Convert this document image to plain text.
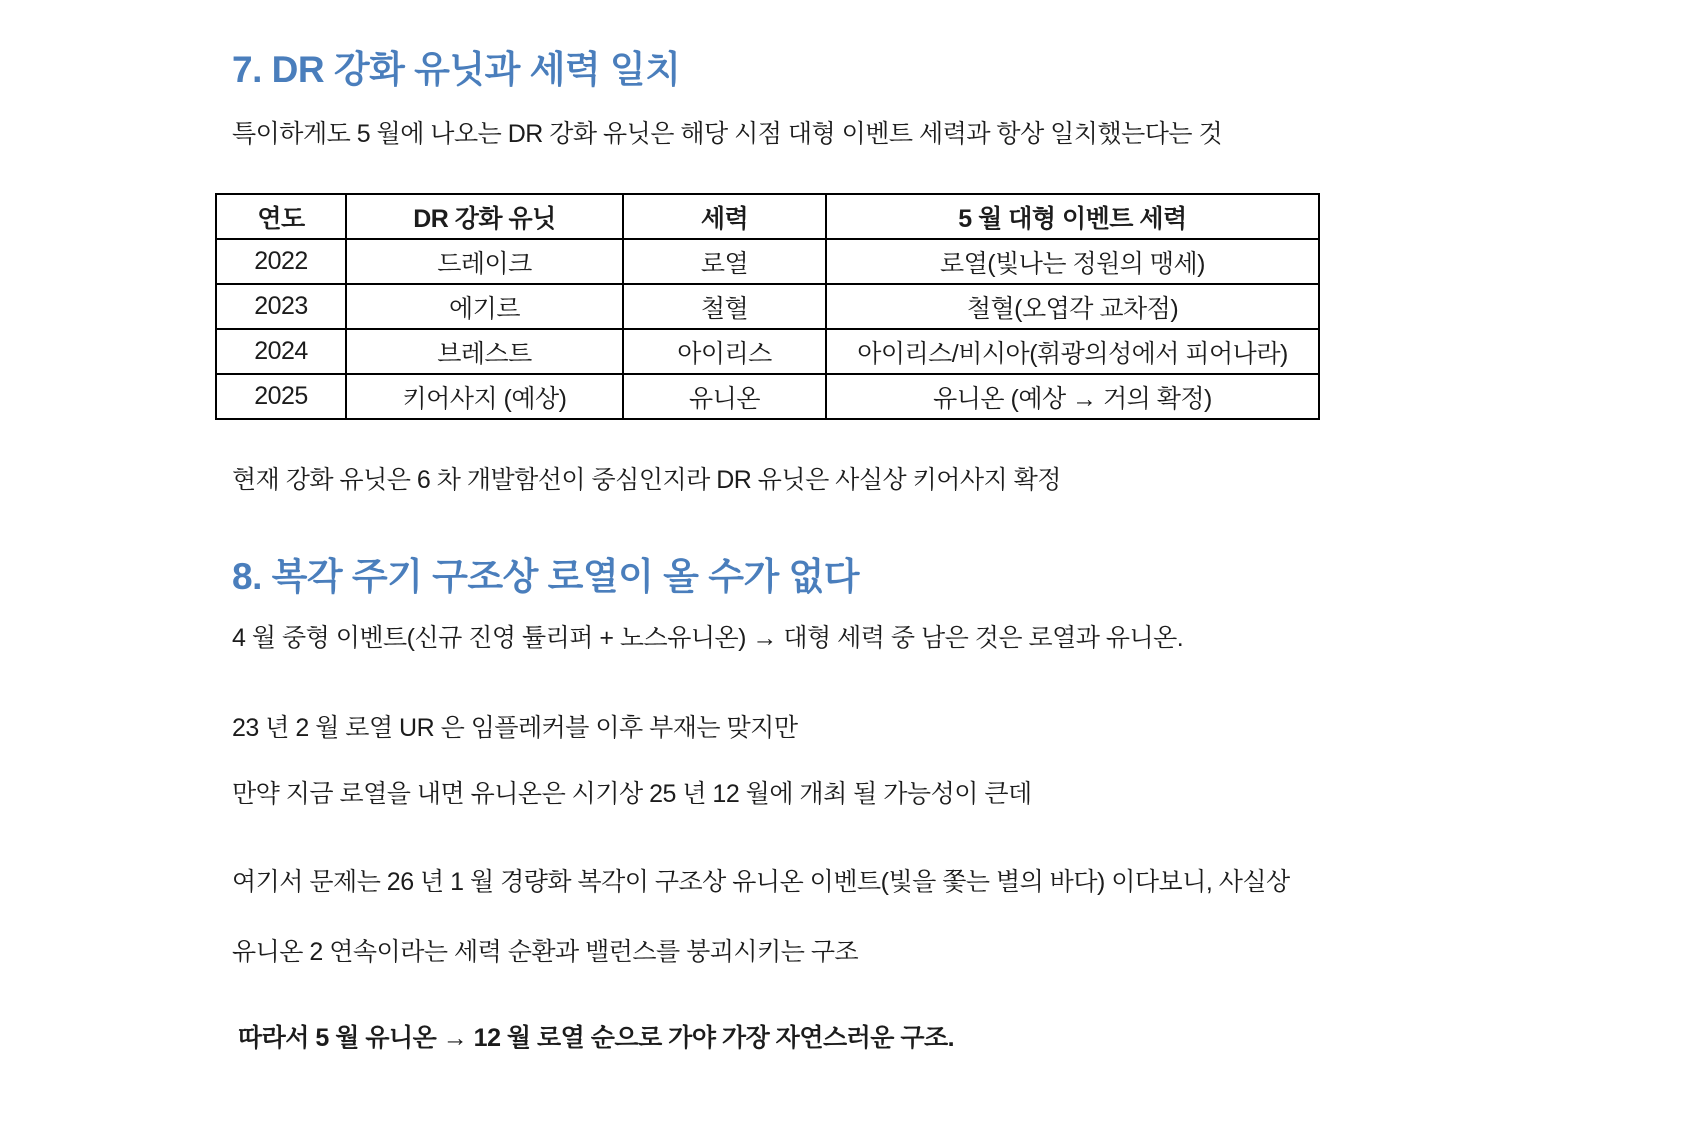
7. DR 강화 유닛과 세력 일치

특이하게도 5 월에 나오는 DR 강화 유닛은 해당 시점 대형 이벤트 세력과 항상 일치했는다는 것

연도	DR 강화 유닛	세력	5 월 대형 이벤트 세력
2022	드레이크	로열	로열(빛나는 정원의 맹세)
2023	에기르	철혈	철혈(오엽각 교차점)
2024	브레스트	아이리스	아이리스/비시아(휘광의성에서 피어나라)
2025	키어사지 (예상)	유니온	유니온 (예상 → 거의 확정)

현재 강화 유닛은 6 차 개발함선이 중심인지라 DR 유닛은 사실상 키어사지 확정

8. 복각 주기 구조상 로열이 올 수가 없다

4 월 중형 이벤트(신규 진영 튤리퍼 + 노스유니온) → 대형 세력 중 남은 것은 로열과 유니온.

23 년 2 월 로열 UR 은 임플레커블 이후 부재는 맞지만

만약 지금 로열을 내면 유니온은 시기상 25 년 12 월에 개최 될 가능성이 큰데

여기서 문제는 26 년 1 월 경량화 복각이 구조상 유니온 이벤트(빛을 쫓는 별의 바다) 이다보니, 사실상

유니온 2 연속이라는 세력 순환과 밸런스를 붕괴시키는 구조

따라서 5 월 유니온 → 12 월 로열 순으로 가야 가장 자연스러운 구조.
